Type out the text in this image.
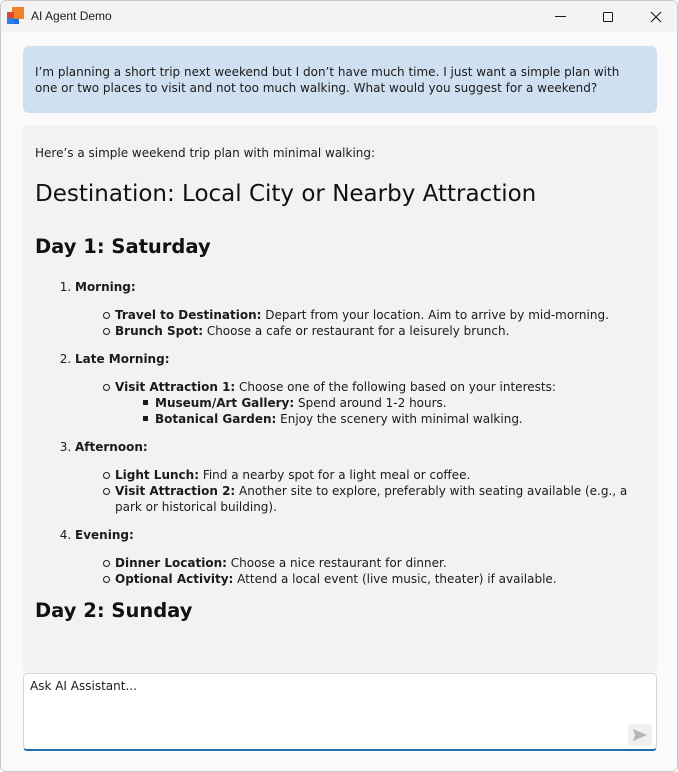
AI Agent Demo
I’m planning a short trip next weekend but I don’t have much time. I just want a simple plan with one or two places to visit and not too much walking. What would you suggest for a weekend?

Here’s a simple weekend trip plan with minimal walking:

Destination: Local City or Nearby Attraction
Day 1: Saturday
1. Morning:
Travel to Destination: Depart from your location. Aim to arrive by mid-morning.
Brunch Spot: Choose a cafe or restaurant for a leisurely brunch.
2. Late Morning:
Visit Attraction 1: Choose one of the following based on your interests:
Museum/Art Gallery: Spend around 1-2 hours.
Botanical Garden: Enjoy the scenery with minimal walking.
3. Afternoon:
Light Lunch: Find a nearby spot for a light meal or coffee.
Visit Attraction 2: Another site to explore, preferably with seating available (e.g., a park or historical building).
4. Evening:
Dinner Location: Choose a nice restaurant for dinner.
Optional Activity: Attend a local event (live music, theater) if available.
Day 2: Sunday
Ask AI Assistant...
